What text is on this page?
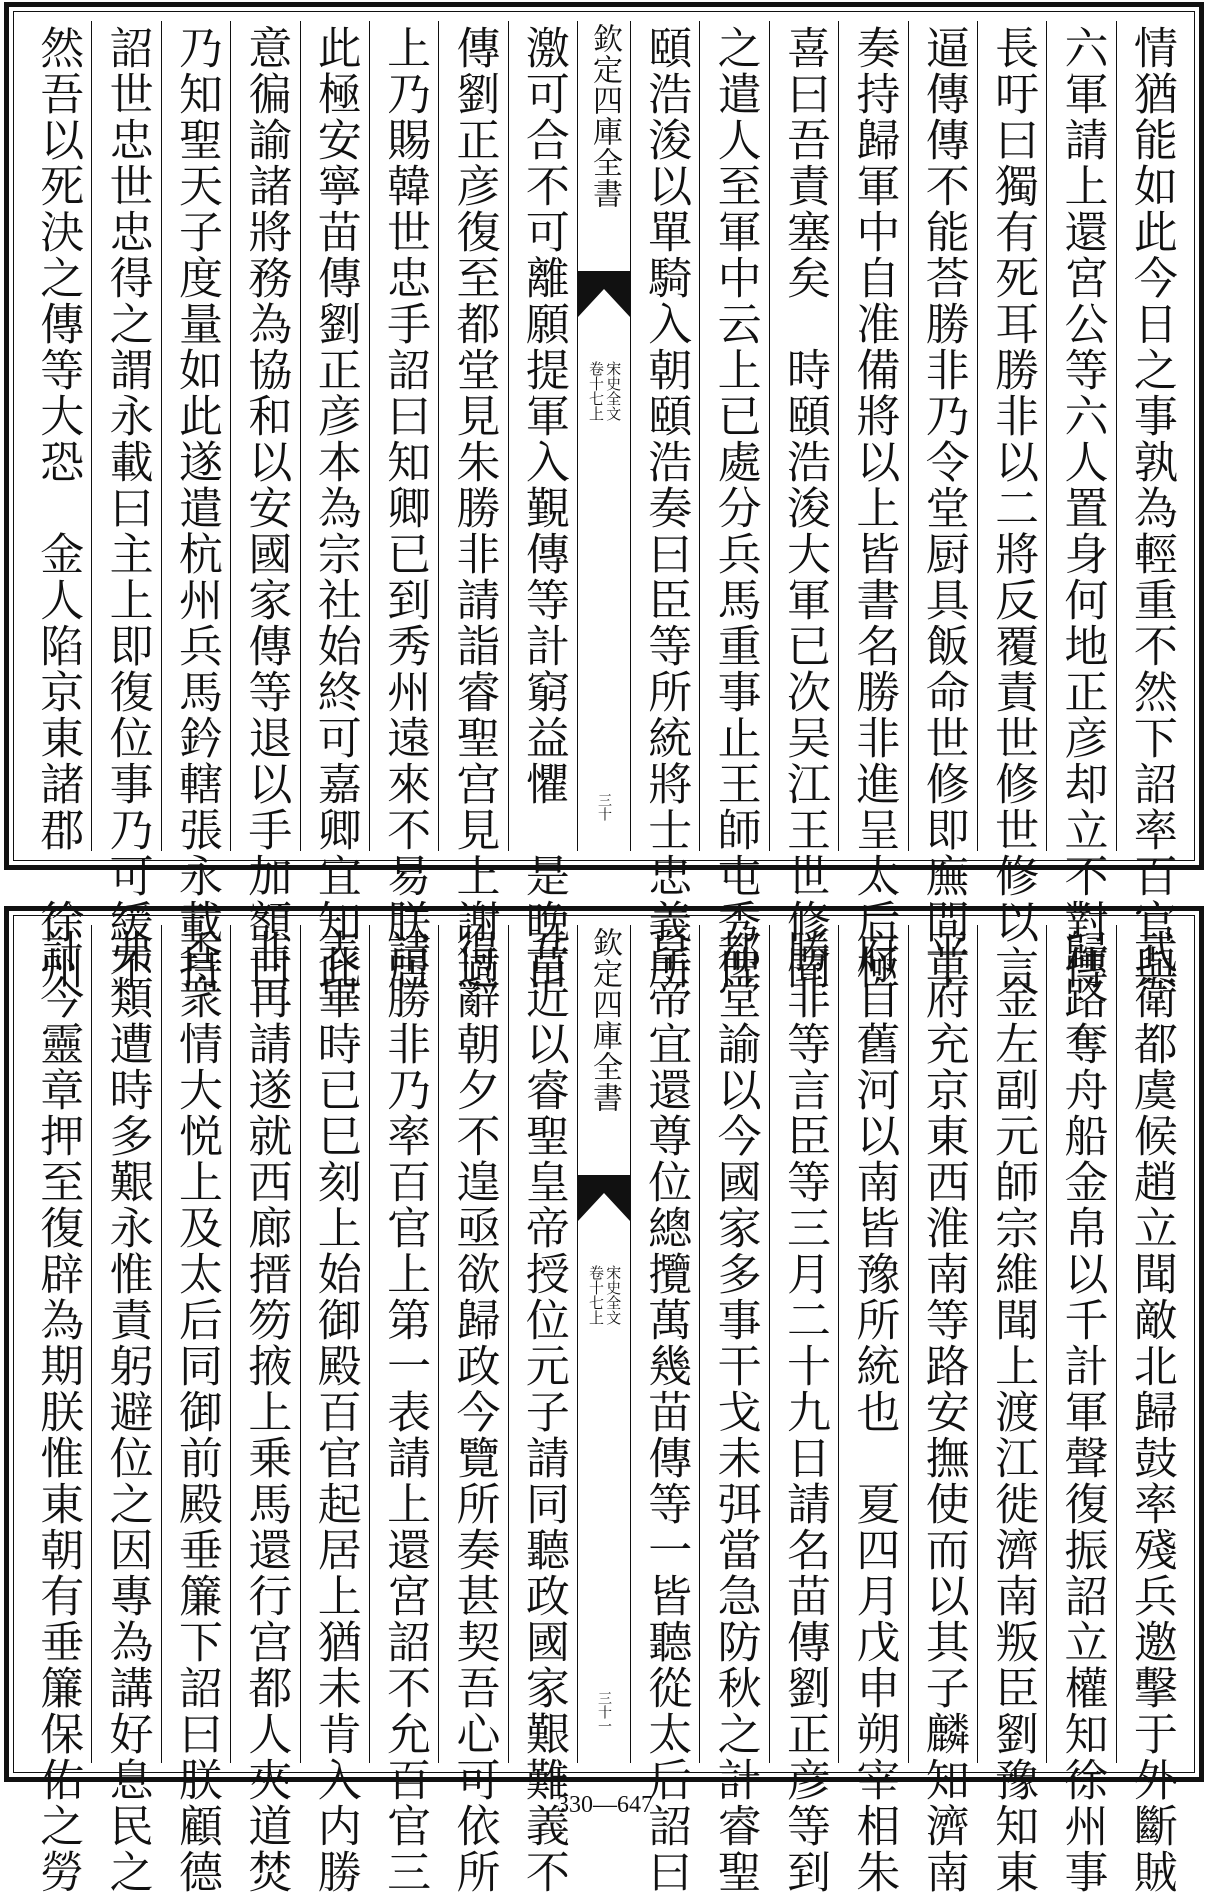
情猶能如此今日之事孰為輕重不然下詔率百官與
六軍請上還宮公等六人置身何地正彦却立不對傳
長吁曰獨有死耳勝非以二將反覆責世修世修以言
逼傳傳不能荅勝非乃令堂厨具飯命世修即廡間草
奏持歸軍中自准備將以上皆書名勝非進呈太后極
喜曰吾責塞矣　時頤浩浚大軍已次吴江王世修聞
之遣人至軍中云上已處分兵馬重事止王師屯秀俾
頤浩浚以單騎入朝頤浩奏曰臣等所統將士忠義所
欽定四庫全書
宋史全文
卷十七上
三十
激可合不可離願提軍入覲傳等計窮益懼　是晚苗
傳劉正彦復至都堂見朱勝非請詣睿聖宫見上謝過
上乃賜韓世忠手詔曰知卿已到秀州遠來不易朕居
此極安寧苗傳劉正彦本為宗社始終可嘉卿宜知此
意徧諭諸將務為協和以安國家傳等退以手加額曰
乃知聖天子度量如此遂遣杭州兵馬鈐轄張永載持
詔世忠世忠得之謂永載曰主上即復位事乃可緩不
然吾以死決之傳等大恐　金人陷京東諸郡　徐州
武衛都虞候趙立聞敵北歸鼓率殘兵邀擊于外斷賊
歸路奪舟船金帛以千計軍聲復振詔立權知徐州事
　金左副元師宗維聞上渡江徙濟南叛臣劉豫知東
平府充京東西淮南等路安撫使而以其子麟知濟南
府自舊河以南皆豫所統也　夏四月戊申朔宰相朱
勝非等言臣等三月二十九日請名苗傳劉正彦等到
都堂諭以今國家多事干戈未弭當急防秋之計睿聖
皇帝宜還尊位總攬萬幾苗傳等一皆聽從太后詔曰
欽定四庫全書
宋史全文
卷十七上
三十一
吾近以睿聖皇帝授位元子請同聽政國家艱難義不
得辭朝夕不遑亟欲歸政今覽所奏甚契吾心可依所
請勝非乃率百官上第一表請上還宮詔不允百官三
表畢時已巳刻上始御殿百官起居上猶未肯入内勝
非再請遂就西廊搢笏掖上乗馬還行宫都人夾道焚
香衆情大悦上及太后同御前殿垂簾下詔曰朕顧德
弗類遭時多艱永惟責躬避位之因專為講好息民之
計今靈章押至復辟為期朕惟東朝有垂簾保佑之勞	330—647
